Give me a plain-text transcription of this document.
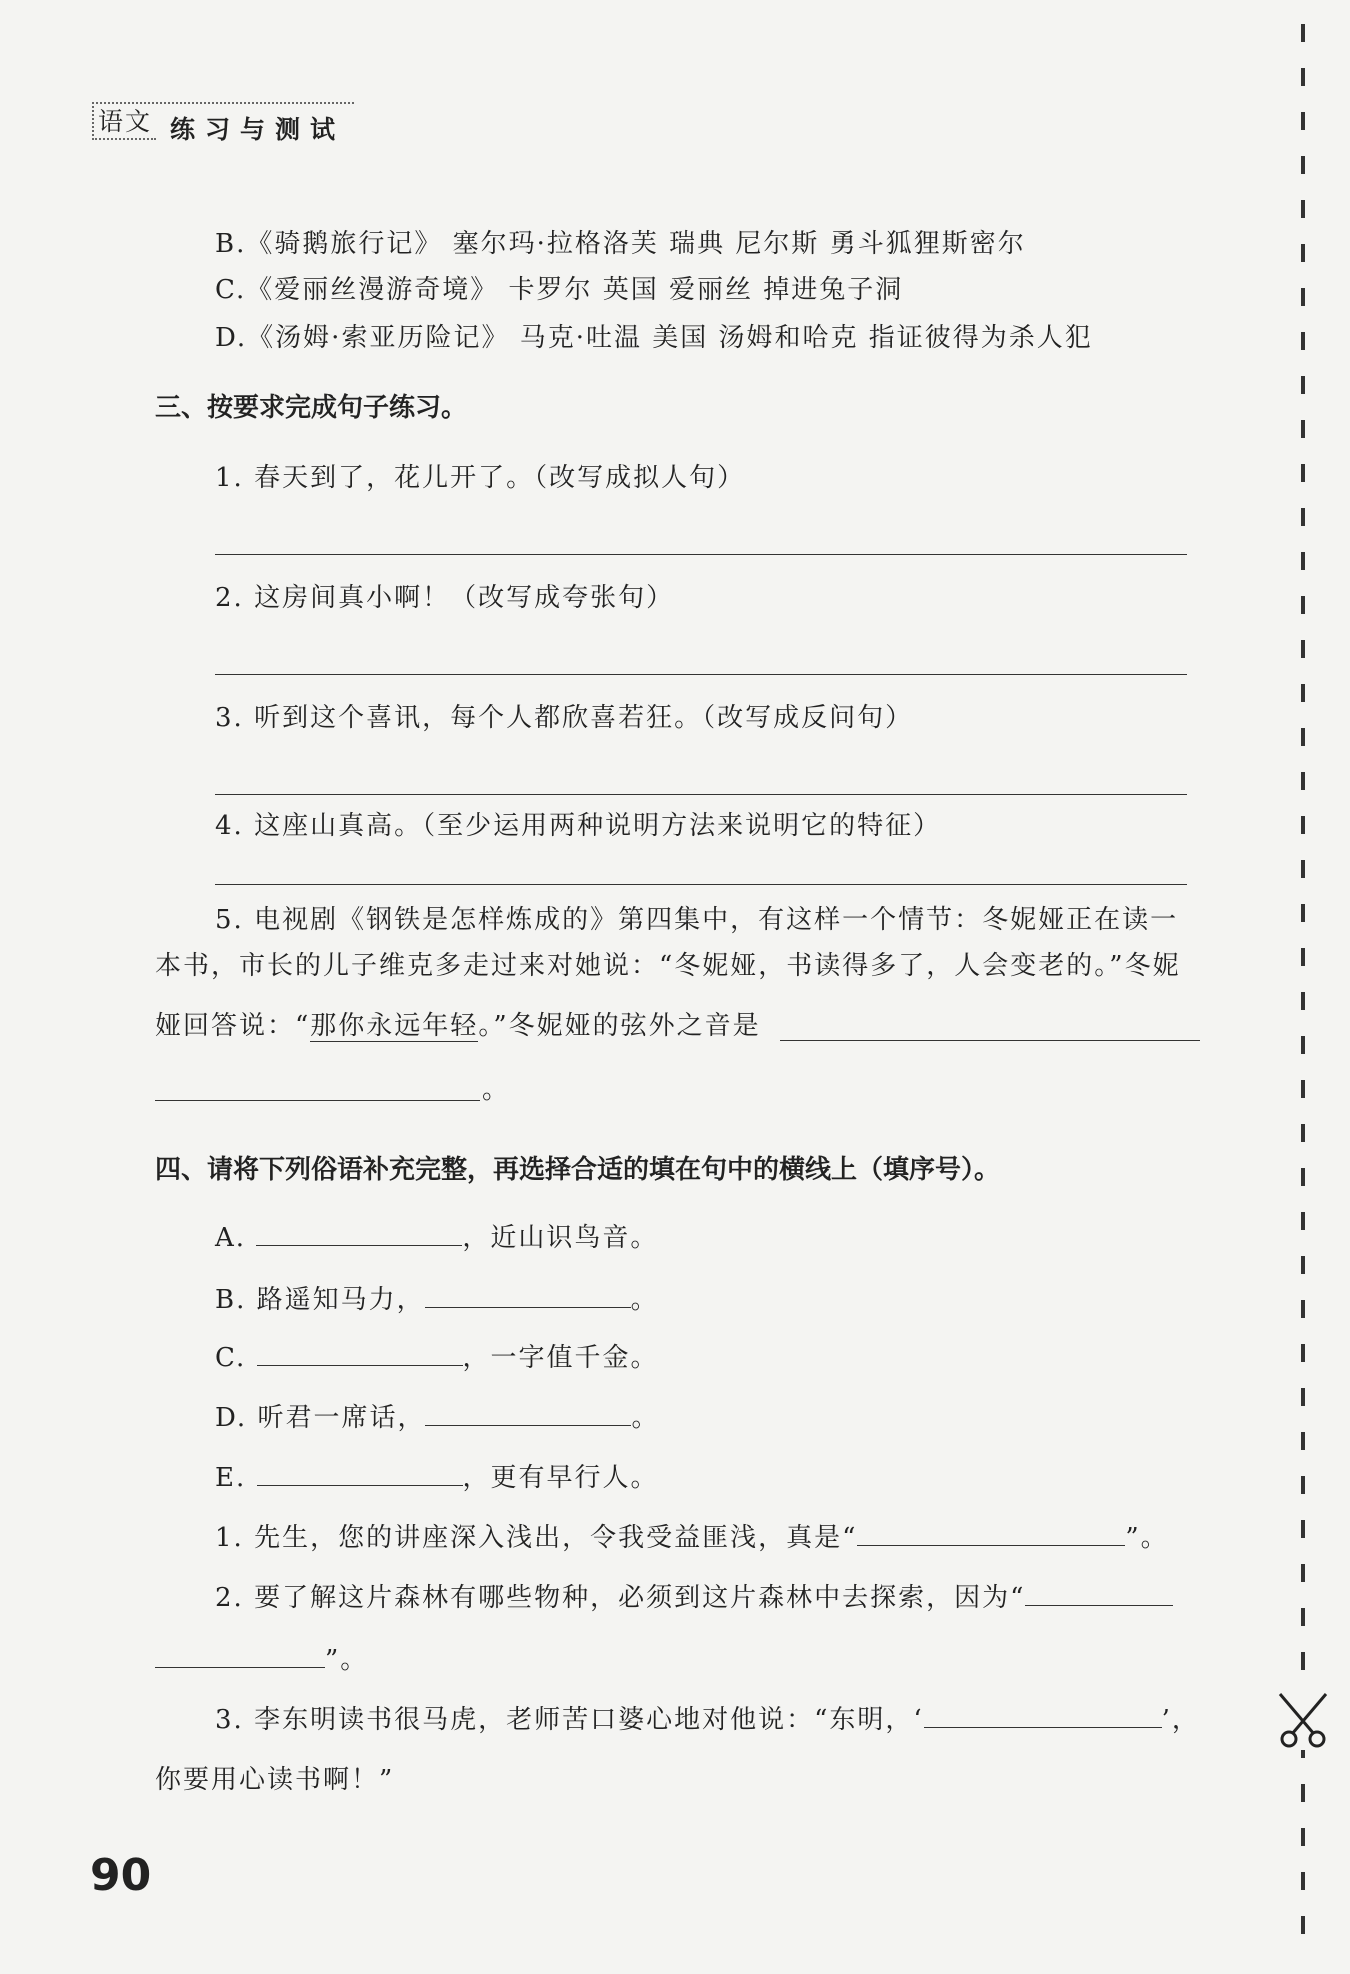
语文 练习与测试
B.《骑鹅旅行记》 塞尔玛·拉格洛芙 瑞典 尼尔斯 勇斗狐狸斯密尔
C.《爱丽丝漫游奇境》 卡罗尔 英国 爱丽丝 掉进兔子洞
D.《汤姆·索亚历险记》 马克·吐温 美国 汤姆和哈克 指证彼得为杀人犯
三、按要求完成句子练习。
1. 春天到了，花儿开了。（改写成拟人句）
2. 这房间真小啊！（改写成夸张句）
3. 听到这个喜讯，每个人都欣喜若狂。（改写成反问句）
4. 这座山真高。（至少运用两种说明方法来说明它的特征）
5. 电视剧《钢铁是怎样炼成的》第四集中，有这样一个情节：冬妮娅正在读一
本书，市长的儿子维克多走过来对她说：“冬妮娅，书读得多了，人会变老的。”冬妮
娅回答说：“那你永远年轻。”冬妮娅的弦外之音是
。
四、请将下列俗语补充完整，再选择合适的填在句中的横线上（填序号）。
A.	，近山识鸟音。
B. 路遥知马力，	。
C.	，一字值千金。
D. 听君一席话，	。
E.	，更有早行人。
1. 先生，您的讲座深入浅出，令我受益匪浅，真是“	”。
2. 要了解这片森林有哪些物种，必须到这片森林中去探索，因为“
”。
3. 李东明读书很马虎，老师苦口婆心地对他说：“东明，‘	’，
你要用心读书啊！”
90
